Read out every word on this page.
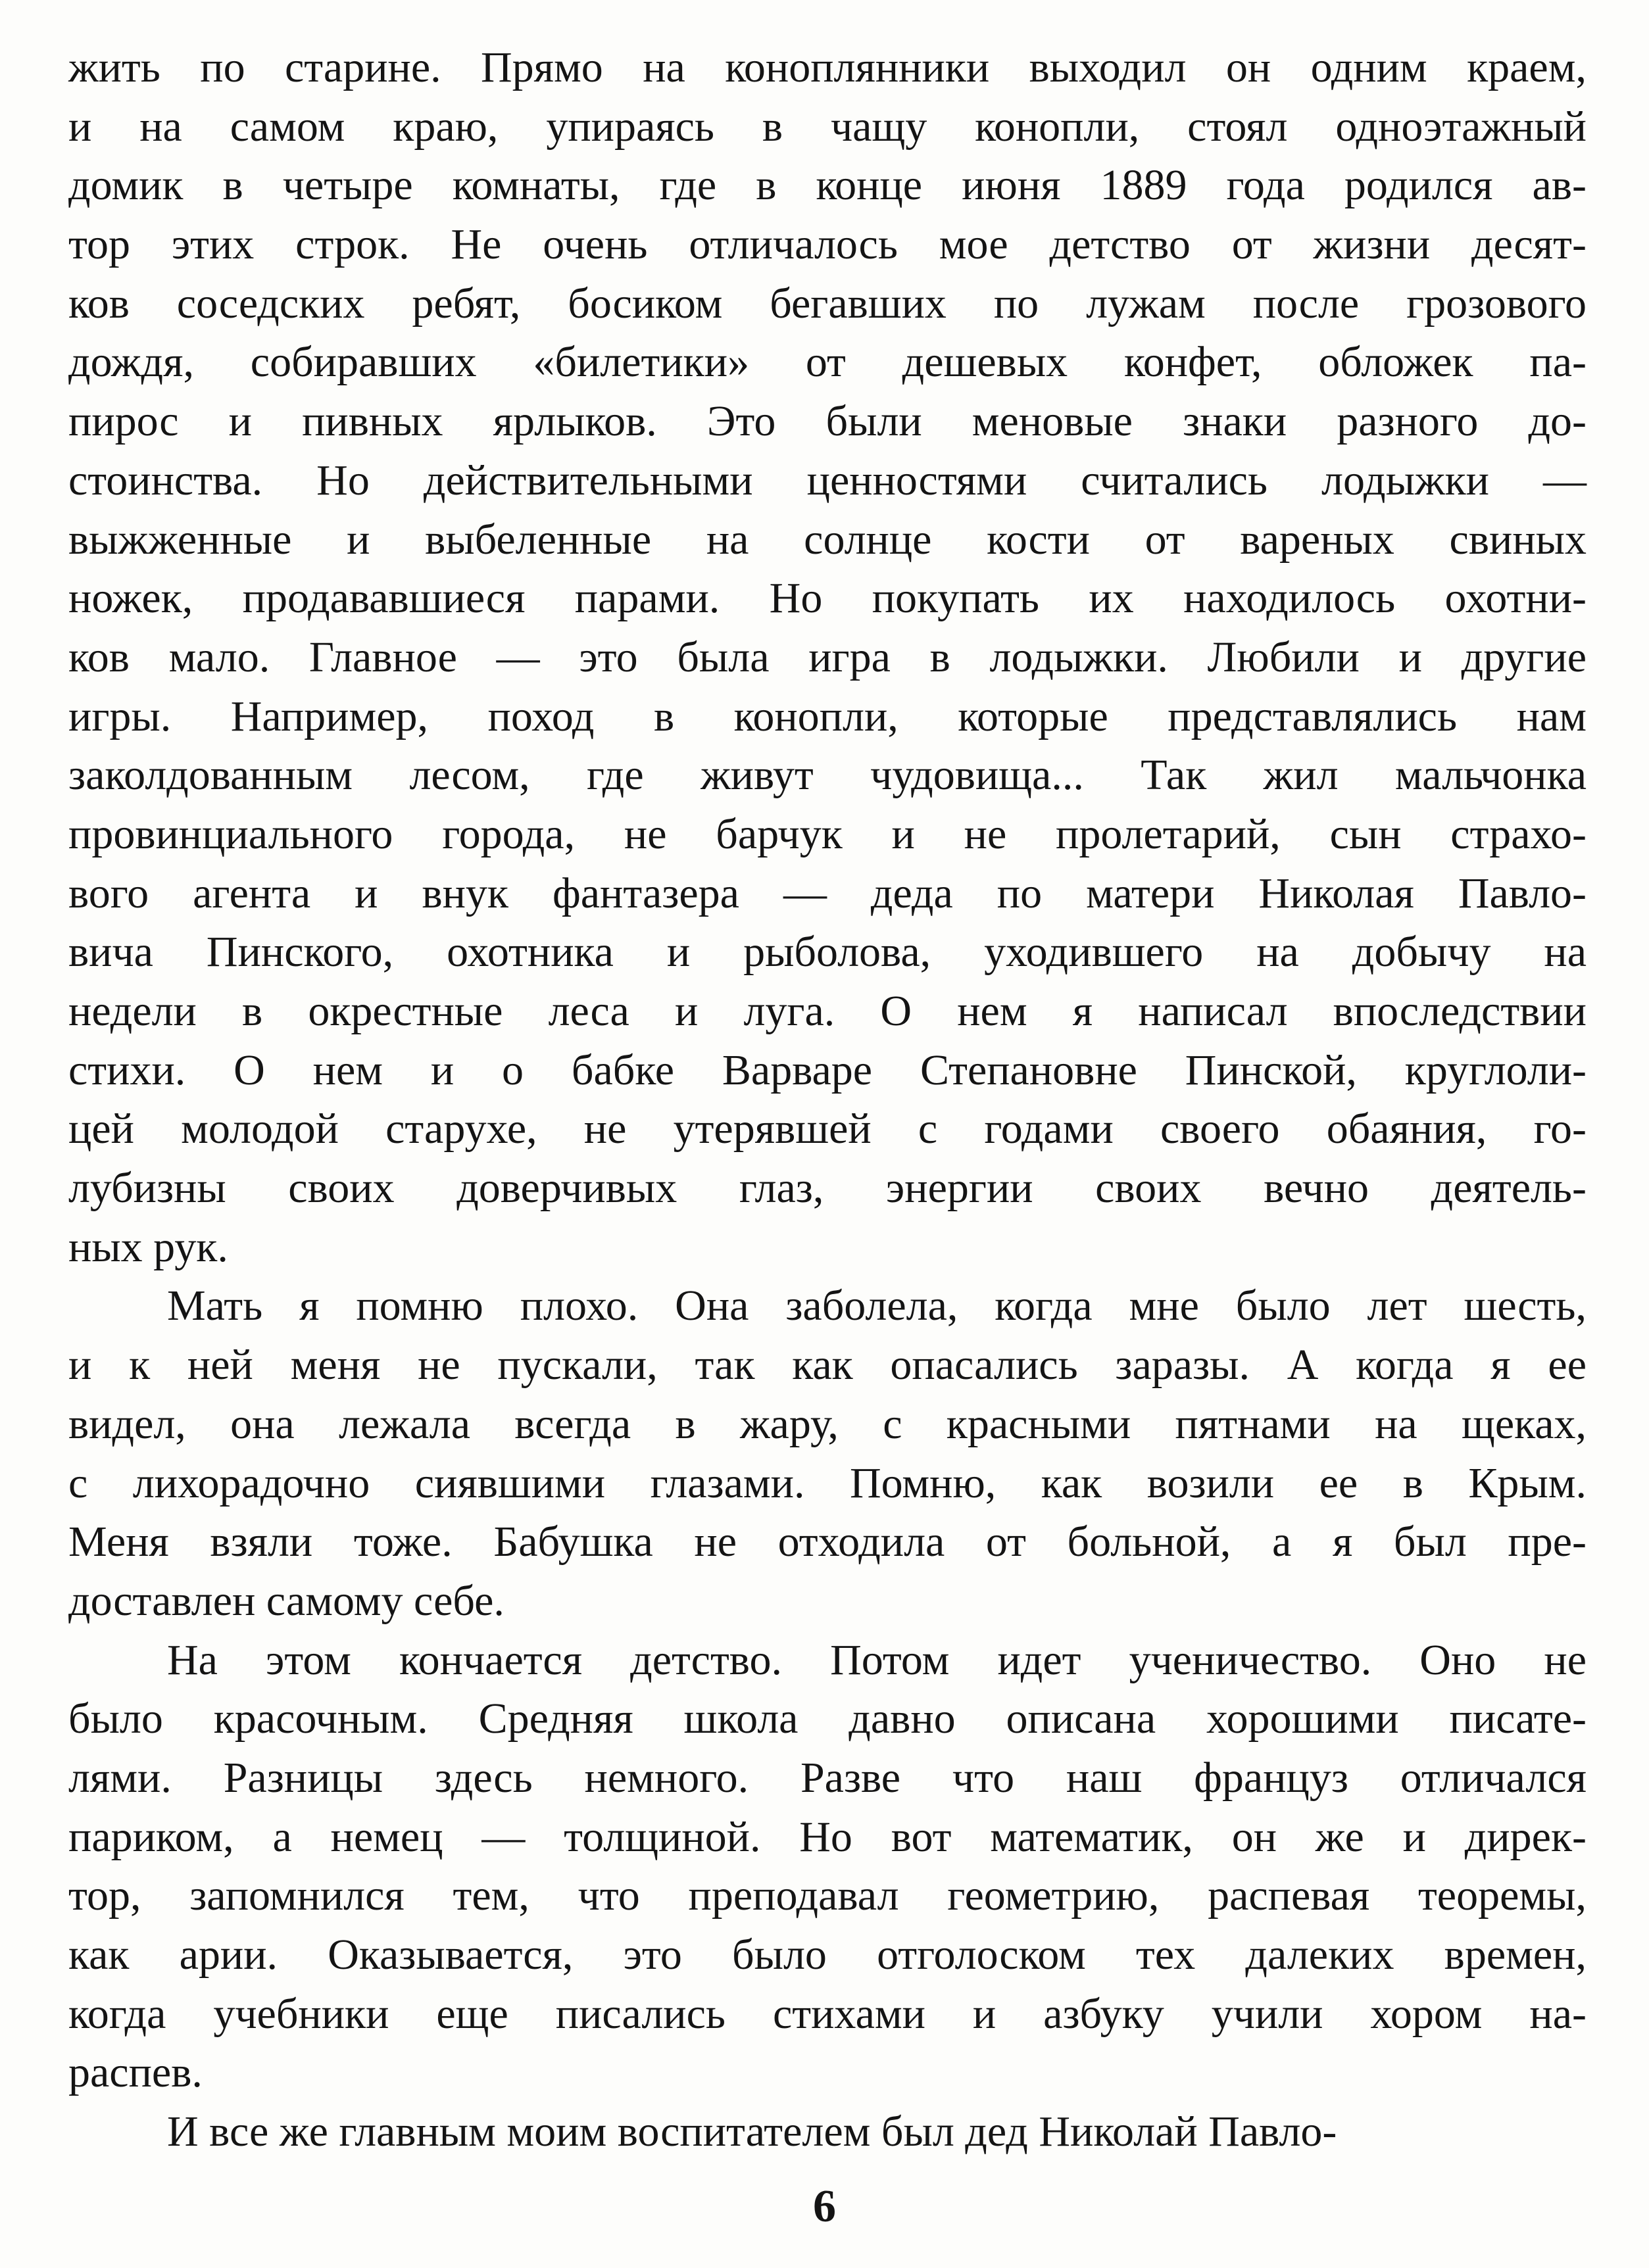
жить по старине. Прямо на коноплянники выходил он одним краем,
и на самом краю, упираясь в чащу конопли, стоял одноэтажный
домик в четыре комнаты, где в конце июня 1889 года родился ав-
тор этих строк. Не очень отличалось мое детство от жизни десят-
ков соседских ребят, босиком бегавших по лужам после грозового
дождя, собиравших «билетики» от дешевых конфет, обложек па-
пирос и пивных ярлыков. Это были меновые знаки разного до-
стоинства. Но действительными ценностями считались лодыжки —
выжженные и выбеленные на солнце кости от вареных свиных
ножек, продававшиеся парами. Но покупать их находилось охотни-
ков мало. Главное — это была игра в лодыжки. Любили и другие
игры. Например, поход в конопли, которые представлялись нам
заколдованным лесом, где живут чудовища... Так жил мальчонка
провинциального города, не барчук и не пролетарий, сын страхо-
вого агента и внук фантазера — деда по матери Николая Павло-
вича Пинского, охотника и рыболова, уходившего на добычу на
недели в окрестные леса и луга. О нем я написал впоследствии
стихи. О нем и о бабке Варваре Степановне Пинской, круглоли-
цей молодой старухе, не утерявшей с годами своего обаяния, го-
лубизны своих доверчивых глаз, энергии своих вечно деятель-
ных рук.

Мать я помню плохо. Она заболела, когда мне было лет шесть,
и к ней меня не пускали, так как опасались заразы. А когда я ее
видел, она лежала всегда в жару, с красными пятнами на щеках,
с лихорадочно сиявшими глазами. Помню, как возили ее в Крым.
Меня взяли тоже. Бабушка не отходила от больной, а я был пре-
доставлен самому себе.

На этом кончается детство. Потом идет ученичество. Оно не
было красочным. Средняя школа давно описана хорошими писате-
лями. Разницы здесь немного. Разве что наш француз отличался
париком, а немец — толщиной. Но вот математик, он же и дирек-
тор, запомнился тем, что преподавал геометрию, распевая теоремы,
как арии. Оказывается, это было отголоском тех далеких времен,
когда учебники еще писались стихами и азбуку учили хором на-
распев.

И все же главным моим воспитателем был дед Николай Павло-

6
